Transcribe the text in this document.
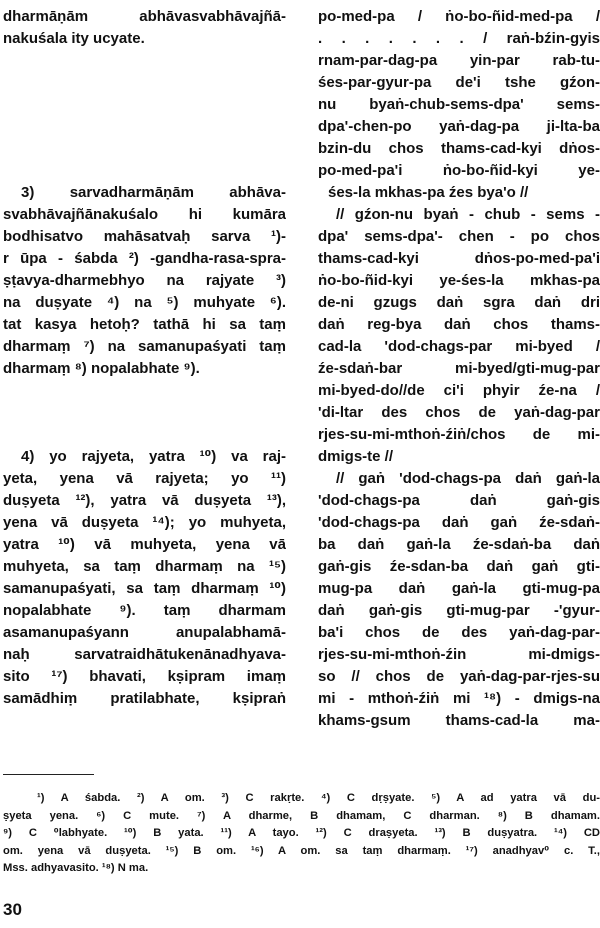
dharmāṇām abhāvasvabhāvajñā-
nakuśala ity ucyate.
3) sarvadharmāṇām abhāva-
svabhāvajñānakuśalo hi kumāra
bodhisatvo mahāsatvaḥ sarva ¹)-
r ūpa - śabda ²) -gandha-rasa-spra-
ṣṭavya-dharmebhyo na rajyate ³)
na duṣyate ⁴) na ⁵) muhyate ⁶).
tat kasya hetoḥ? tathā hi sa taṃ
dharmaṃ ⁷) na samanupaśyati taṃ
dharmaṃ ⁸) nopalabhate ⁹).
4) yo rajyeta, yatra ¹⁰) va raj-
yeta, yena vā rajyeta; yo ¹¹)
duṣyeta ¹²), yatra vā duṣyeta ¹³),
yena vā duṣyeta ¹⁴); yo muhyeta,
yatra ¹⁰) vā muhyeta, yena vā
muhyeta, sa taṃ dharmaṃ na ¹⁵)
samanupaśyati, sa taṃ dharmaṃ ¹⁰)
nopalabhate ⁹). taṃ dharmam
asamanupaśyann anupalabhamā-
naḥ sarvatraidhātukenānadhyava-
sito ¹⁷) bhavati, kṣipram imaṃ
samādhiṃ pratilabhate, kṣipraṅ
po-med-pa / ṅo-bo-ñid-med-pa /
. . . . . . . / raṅ-bźin-gyis
rnam-par-dag-pa yin-par rab-tu-
śes-par-gyur-pa de'i tshe gźon-
nu byaṅ-chub-sems-dpa' sems-
dpa'-chen-po yaṅ-dag-pa ji-lta-ba
bzin-du chos thams-cad-kyi dṅos-
po-med-pa'i ṅo-bo-ñid-kyi ye-
śes-la mkhas-pa źes bya'o //
// gźon-nu byaṅ - chub - sems -
dpa' sems-dpa'- chen - po chos
thams-cad-kyi dṅos-po-med-pa'i
ṅo-bo-ñid-kyi ye-śes-la mkhas-pa
de-ni gzugs daṅ sgra daṅ dri
daṅ reg-bya daṅ chos thams-
cad-la 'dod-chags-par mi-byed /
źe-sdaṅ-bar mi-byed/gti-mug-par
mi-byed-do//de ci'i phyir źe-na /
'di-ltar des chos de yaṅ-dag-par
rjes-su-mi-mthoṅ-źiṅ/chos de mi-
dmigs-te //
// gaṅ 'dod-chags-pa daṅ gaṅ-la
'dod-chags-pa daṅ gaṅ-gis
'dod-chags-pa daṅ gaṅ źe-sdaṅ-
ba daṅ gaṅ-la źe-sdaṅ-ba daṅ
gaṅ-gis źe-sdan-ba daṅ gaṅ gti-
mug-pa daṅ gaṅ-la gti-mug-pa
daṅ gaṅ-gis gti-mug-par -'gyur-
ba'i chos de des yaṅ-dag-par-
rjes-su-mi-mthoṅ-źin mi-dmigs-
so // chos de yaṅ-dag-par-rjes-su
mi - mthoṅ-źiṅ mi ¹⁸) - dmigs-na
khams-gsum thams-cad-la ma-
¹) A śabda. ²) A om. ³) C rakṛte. ⁴) C dṛṣyate. ⁵) A ad yatra vā du-
ṣyeta yena. ⁶) C mute. ⁷) A dharme, B dhamam, C dharman. ⁸) B dhamam.
⁹) C ⁰labhyate. ¹⁰) B yata. ¹¹) A tayo. ¹²) C draṣyeta. ¹³) B duṣyatra. ¹⁴) CD
om. yena vā duṣyeta. ¹⁵) B om. ¹⁶) A om. sa taṃ dharmaṃ. ¹⁷) anadhyav⁰ c. T.,
Mss. adhyavasito. ¹⁸) N ma.
30
